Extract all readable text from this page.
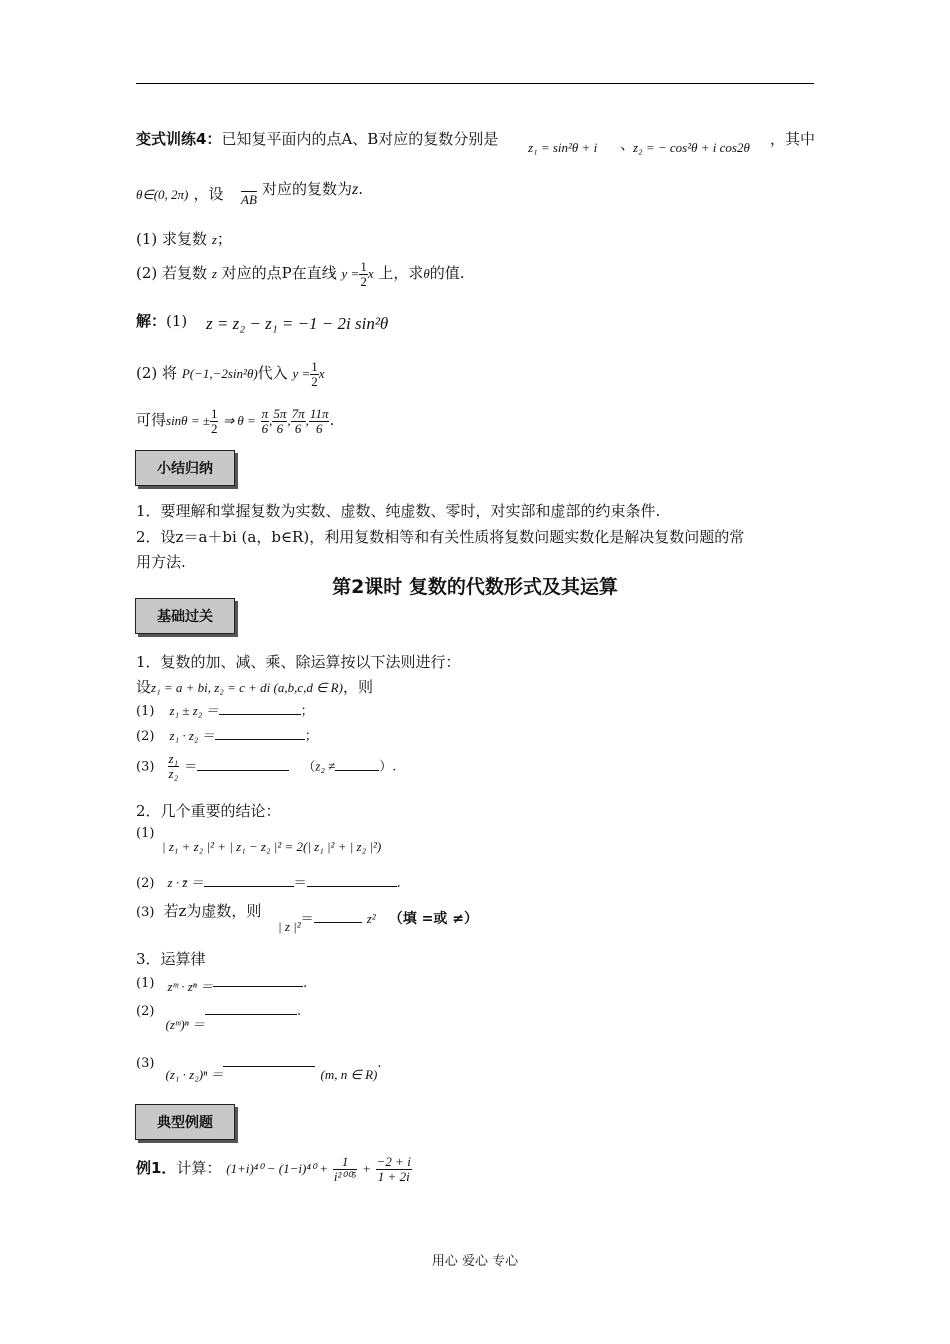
变式训练4：已知复平面内的点A、B对应的复数分别是 z₁ = sin²θ + i 、
z₂ = − cos²θ + i cos2θ ，其中
θ∈(0, 2π) ，设 $\overline{AB}$
对应的复数为z.
(1) 求复数 z；
(2) 若复数 z 对应的点P在直线 $y = \frac{1}{2}$ x 上，求θ的值.
解：(1) z = z₂ − z₁ = −1 − 2i sin²θ
(2) 将 P(−1,−2sin²θ)代入 $y = \frac{1}{2}$ x
可得sinθ = ± $\frac{1}{2}$ ⇒ $\theta = \frac{\pi}{6}$ , $\frac{5\pi}{6}$ , $\frac{7\pi}{6}$ , $\frac{11\pi}{6}$ .
小结归纳
1．要理解和掌握复数为实数、虚数、纯虚数、零时，对实部和虚部的约束条件.
2．设z＝a＋bi (a，b∈R)，利用复数相等和有关性质将复数问题实数化是解决复数问题的常
用方法.
第2课时 复数的代数形式及其运算
基础过关
1．复数的加、减、乘、除运算按以下法则进行：
设z₁ = a + bi, z₂ = c + di (a,b,c,d ∈ R)，则
(1) z₁ ± z₂ ＝	；
(2) z₁ · z₂ ＝	；
$(3) \frac{\text{z₁}}{\text{z₂}}$ ＝	（z₂ ≠	）.
2．几个重要的结论：
(1)
| z₁ + z₂ |² + | z₁ − z₂ |² = 2(| z₁ |² + | z₂ |²)
(2) z · z̄ ＝	＝	.
(3) 若z为虚数，则
$_{| z |^2}$＝	z² （填 =或 ≠）
3．运算律
(1) $_{zᵐ \cdot z^n =}$	.
(2) $_{(zᵐ)^n =}$.
(3) $_{(z_1 \cdot z_2)^n =}$	$_{(m, n \in R)}$.
典型例题
例1．计算： $(1+i)^{40} - (1-i)^{40} + \frac{1}{\text{i²⁰⁰⁵}} + \frac{-2 + i}{1 + 2i}$
用心 爱心 专心
